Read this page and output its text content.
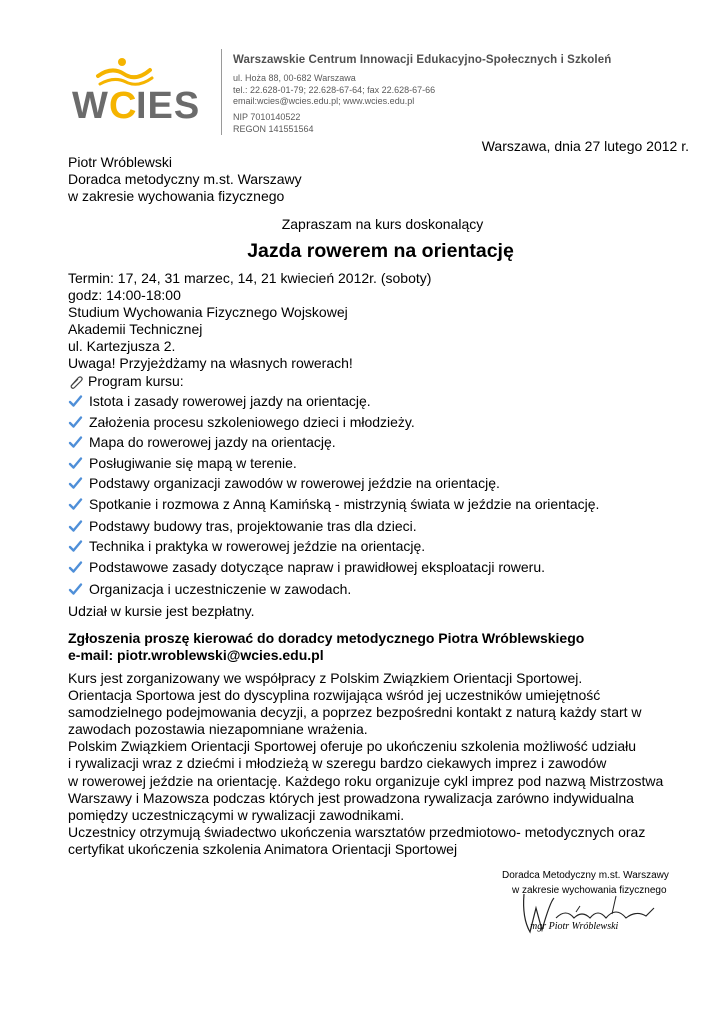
W C IES
Warszawskie Centrum Innowacji Edukacyjno-Społecznych i Szkoleń
ul. Hoża 88, 00-682 Warszawa
tel.: 22.628-01-79; 22.628-67-64; fax 22.628-67-66
email:wcies@wcies.edu.pl; www.wcies.edu.pl
NIP 7010140522
REGON 141551564
Warszawa, dnia 27 lutego 2012 r.
Piotr Wróblewski
Doradca metodyczny m.st. Warszawy
w zakresie wychowania fizycznego
Zapraszam na kurs doskonalący
Jazda rowerem na orientację
Termin: 17, 24, 31 marzec, 14, 21 kwiecień 2012r. (soboty)
godz: 14:00-18:00
Studium Wychowania Fizycznego Wojskowej
Akademii Technicznej
ul. Kartezjusza 2.
Uwaga! Przyjeżdżamy na własnych rowerach!
Program kursu:
Istota i zasady rowerowej jazdy na orientację.
Założenia procesu szkoleniowego dzieci i młodzieży.
Mapa do rowerowej jazdy na orientację.
Posługiwanie się mapą w terenie.
Podstawy organizacji zawodów w rowerowej jeździe na orientację.
Spotkanie i rozmowa z Anną Kamińską - mistrzynią świata w jeździe na orientację.
Podstawy budowy tras, projektowanie tras dla dzieci.
Technika i praktyka w rowerowej jeździe na orientację.
Podstawowe zasady dotyczące napraw i prawidłowej eksploatacji roweru.
Organizacja i uczestniczenie w zawodach.
Udział w kursie jest bezpłatny.
Zgłoszenia proszę kierować do doradcy metodycznego Piotra Wróblewskiego
e-mail: piotr.wroblewski@wcies.edu.pl
Kurs jest zorganizowany we współpracy z Polskim Związkiem Orientacji Sportowej.
Orientacja Sportowa jest do dyscyplina rozwijająca wśród jej uczestników umiejętność
samodzielnego podejmowania decyzji, a poprzez bezpośredni kontakt z naturą każdy start w
zawodach pozostawia niezapomniane wrażenia.
Polskim Związkiem Orientacji Sportowej oferuje po ukończeniu szkolenia możliwość udziału
i rywalizacji wraz z dziećmi i młodzieżą w szeregu bardzo ciekawych imprez i zawodów
w rowerowej jeździe na orientację. Każdego roku organizuje cykl imprez pod nazwą Mistrzostwa
Warszawy i Mazowsza podczas których jest prowadzona rywalizacja zarówno indywidualna
pomiędzy uczestniczącymi w rywalizacji zawodnikami.
Uczestnicy otrzymują świadectwo ukończenia warsztatów przedmiotowo- metodycznych oraz
certyfikat ukończenia szkolenia Animatora Orientacji Sportowej
Doradca Metodyczny m.st. Warszawy
w zakresie wychowania fizycznego
mgr Piotr Wróblewski
